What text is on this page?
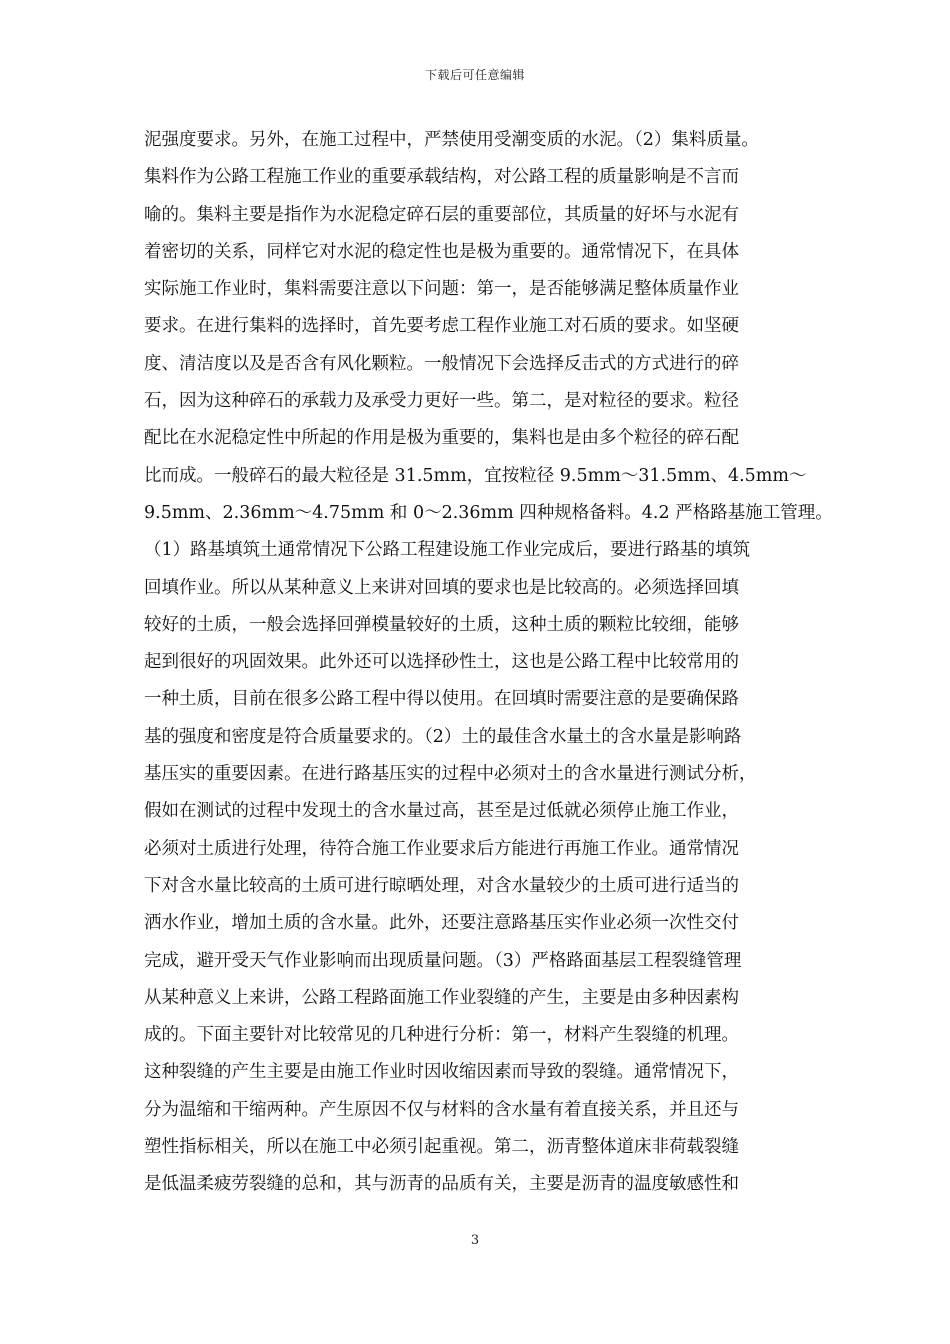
下载后可任意编辑
泥强度要求。另外，在施工过程中，严禁使用受潮变质的水泥。（2）集料质量。
集料作为公路工程施工作业的重要承载结构，对公路工程的质量影响是不言而
喻的。集料主要是指作为水泥稳定碎石层的重要部位，其质量的好坏与水泥有
着密切的关系，同样它对水泥的稳定性也是极为重要的。通常情况下，在具体
实际施工作业时，集料需要注意以下问题：第一，是否能够满足整体质量作业
要求。在进行集料的选择时，首先要考虑工程作业施工对石质的要求。如坚硬
度、清洁度以及是否含有风化颗粒。一般情况下会选择反击式的方式进行的碎
石，因为这种碎石的承载力及承受力更好一些。第二，是对粒径的要求。粒径
配比在水泥稳定性中所起的作用是极为重要的，集料也是由多个粒径的碎石配
比而成。一般碎石的最大粒径是 31.5mm，宜按粒径 9.5mm～31.5mm、4.5mm～
9.5mm、2.36mm～4.75mm 和 0～2.36mm 四种规格备料。4.2 严格路基施工管理。
（1）路基填筑土通常情况下公路工程建设施工作业完成后，要进行路基的填筑
回填作业。所以从某种意义上来讲对回填的要求也是比较高的。必须选择回填
较好的土质，一般会选择回弹模量较好的土质，这种土质的颗粒比较细，能够
起到很好的巩固效果。此外还可以选择砂性土，这也是公路工程中比较常用的
一种土质，目前在很多公路工程中得以使用。在回填时需要注意的是要确保路
基的强度和密度是符合质量要求的。（2）土的最佳含水量土的含水量是影响路
基压实的重要因素。在进行路基压实的过程中必须对土的含水量进行测试分析，
假如在测试的过程中发现土的含水量过高，甚至是过低就必须停止施工作业，
必须对土质进行处理，待符合施工作业要求后方能进行再施工作业。通常情况
下对含水量比较高的土质可进行晾晒处理，对含水量较少的土质可进行适当的
洒水作业，增加土质的含水量。此外，还要注意路基压实作业必须一次性交付
完成，避开受天气作业影响而出现质量问题。（3）严格路面基层工程裂缝管理
从某种意义上来讲，公路工程路面施工作业裂缝的产生，主要是由多种因素构
成的。下面主要针对比较常见的几种进行分析：第一，材料产生裂缝的机理。
这种裂缝的产生主要是由施工作业时因收缩因素而导致的裂缝。通常情况下，
分为温缩和干缩两种。产生原因不仅与材料的含水量有着直接关系，并且还与
塑性指标相关，所以在施工中必须引起重视。第二，沥青整体道床非荷载裂缝
是低温柔疲劳裂缝的总和，其与沥青的品质有关，主要是沥青的温度敏感性和
3
